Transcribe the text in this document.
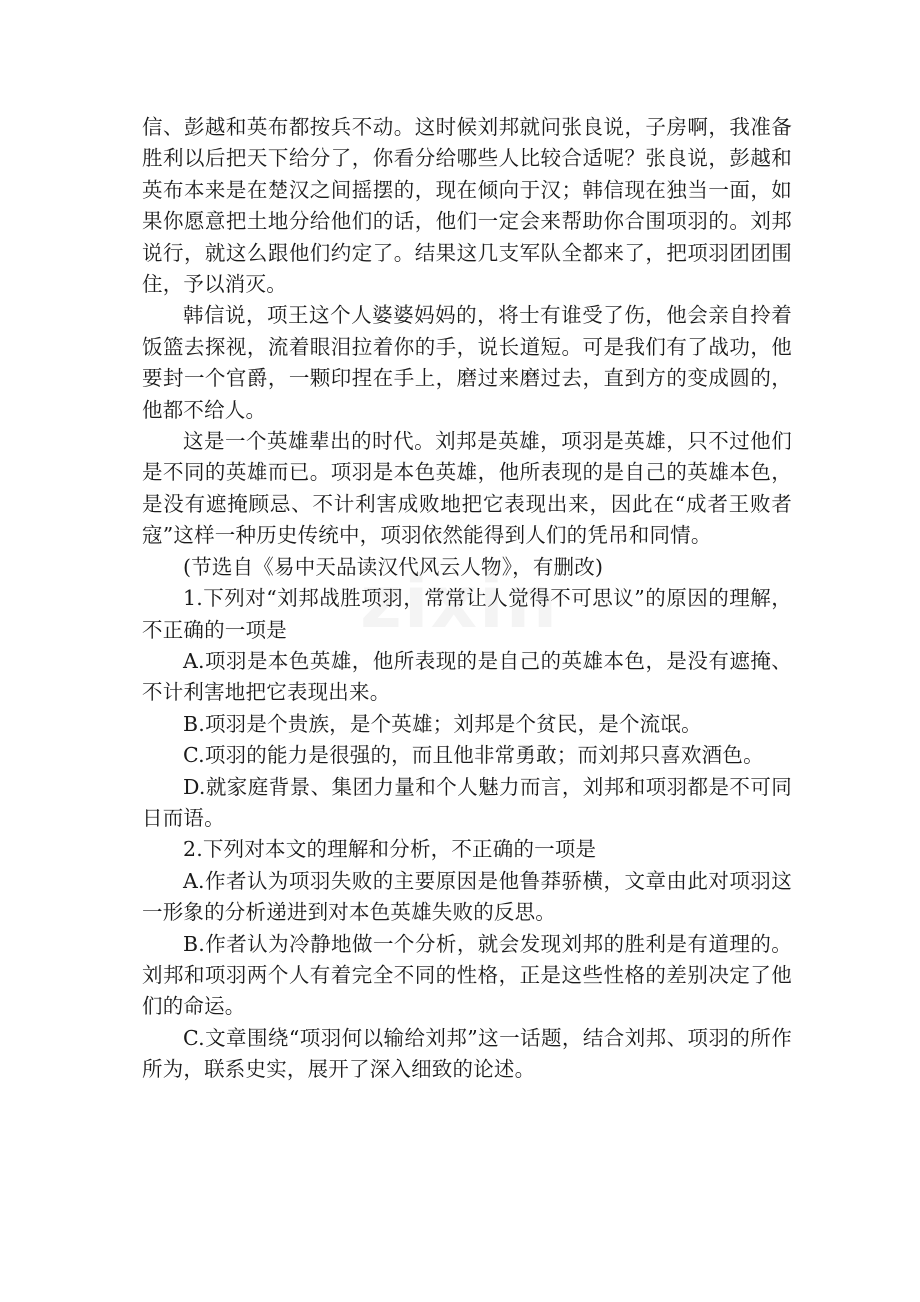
信、彭越和英布都按兵不动。这时候刘邦就问张良说，子房啊，我准备胜利以后把天下给分了，你看分给哪些人比较合适呢？张良说，彭越和英布本来是在楚汉之间摇摆的，现在倾向于汉；韩信现在独当一面，如果你愿意把土地分给他们的话，他们一定会来帮助你合围项羽的。刘邦说行，就这么跟他们约定了。结果这几支军队全都来了，把项羽团团围住，予以消灭。

韩信说，项王这个人婆婆妈妈的，将士有谁受了伤，他会亲自拎着饭篮去探视，流着眼泪拉着你的手，说长道短。可是我们有了战功，他要封一个官爵，一颗印捏在手上，磨过来磨过去，直到方的变成圆的，他都不给人。

这是一个英雄辈出的时代。刘邦是英雄，项羽是英雄，只不过他们是不同的英雄而已。项羽是本色英雄，他所表现的是自己的英雄本色，是没有遮掩顾忌、不计利害成败地把它表现出来，因此在“成者王败者寇”这样一种历史传统中，项羽依然能得到人们的凭吊和同情。

(节选自《易中天品读汉代风云人物》，有删改)

1.下列对“刘邦战胜项羽，常常让人觉得不可思议”的原因的理解，不正确的一项是

A.项羽是本色英雄，他所表现的是自己的英雄本色，是没有遮掩、不计利害地把它表现出来。

B.项羽是个贵族，是个英雄；刘邦是个贫民，是个流氓。

C.项羽的能力是很强的，而且他非常勇敢；而刘邦只喜欢酒色。

D.就家庭背景、集团力量和个人魅力而言，刘邦和项羽都是不可同日而语。

2.下列对本文的理解和分析，不正确的一项是

A.作者认为项羽失败的主要原因是他鲁莽骄横，文章由此对项羽这一形象的分析递进到对本色英雄失败的反思。

B.作者认为冷静地做一个分析，就会发现刘邦的胜利是有道理的。刘邦和项羽两个人有着完全不同的性格，正是这些性格的差别决定了他们的命运。

C.文章围绕“项羽何以输给刘邦”这一话题，结合刘邦、项羽的所作所为，联系史实，展开了深入细致的论述。
